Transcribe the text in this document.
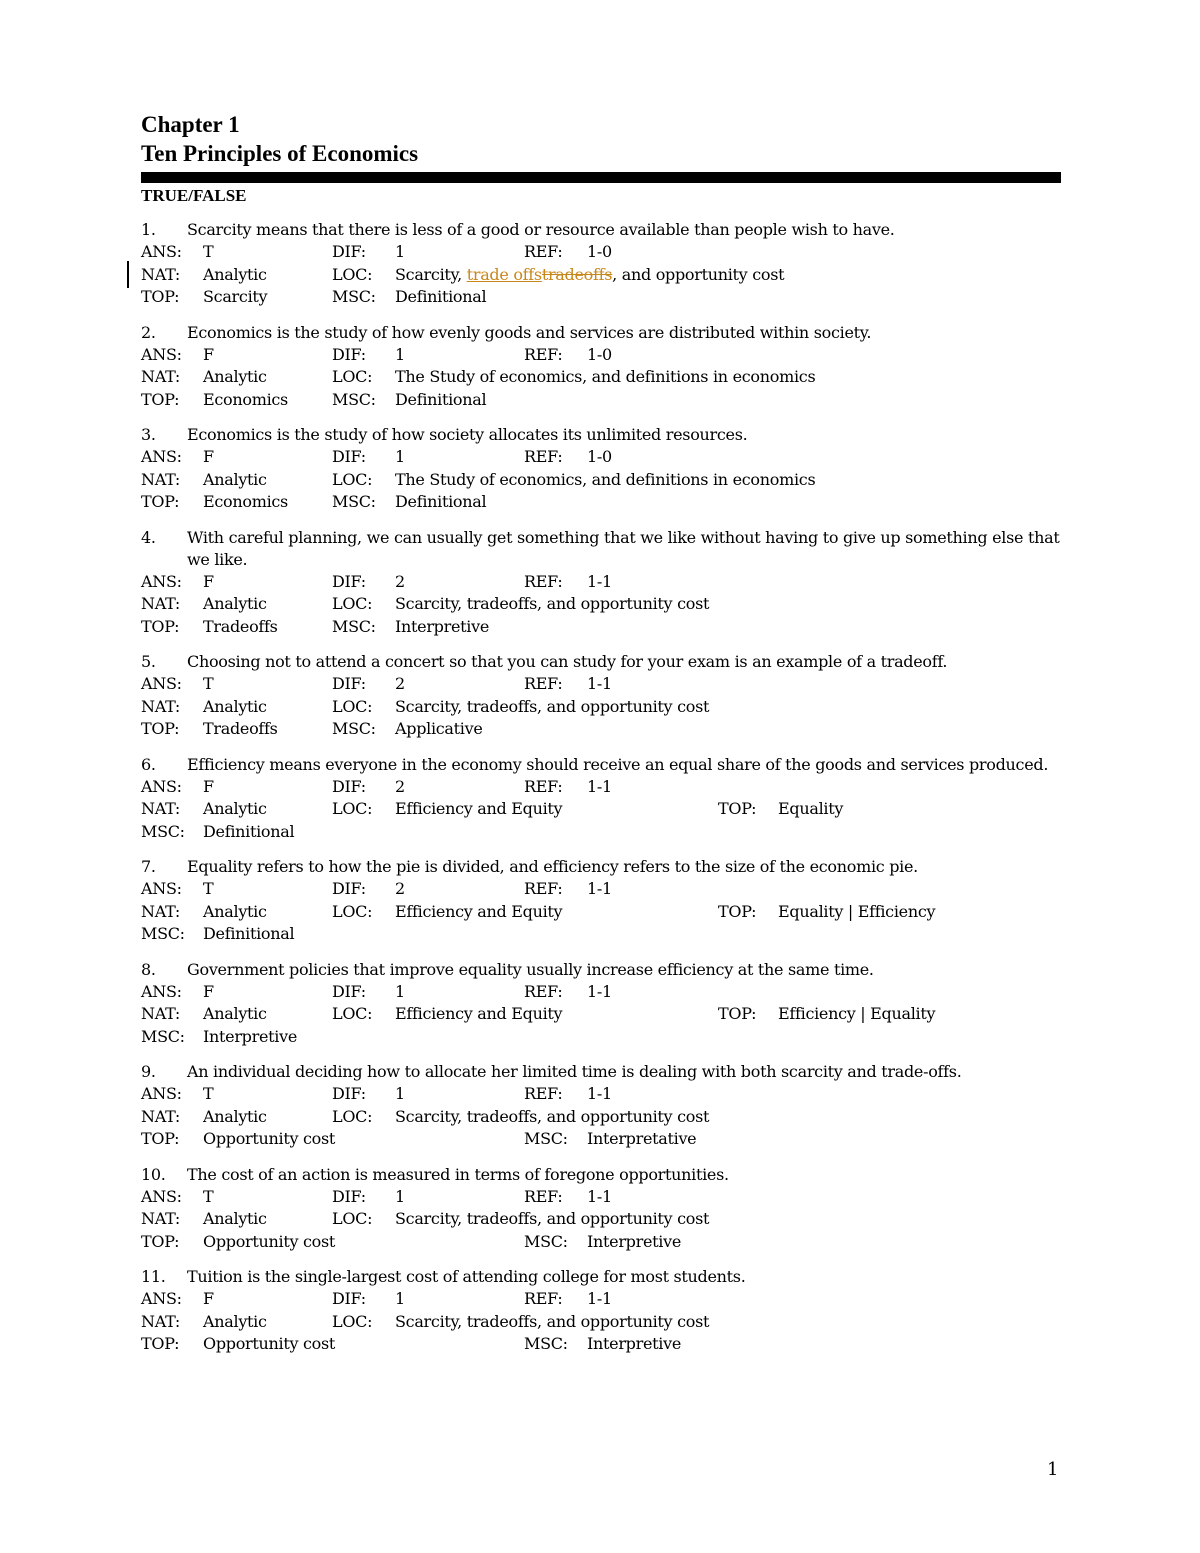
Chapter 1
Ten Principles of Economics
TRUE/FALSE
1.	Scarcity means that there is less of a good or resource available than people wish to have.
ANS: T	DIF: 1	REF: 1-0
NAT: Analytic	LOC: Scarcity, trade offstradeoffs, and opportunity cost
TOP: Scarcity	MSC: Definitional
2.	Economics is the study of how evenly goods and services are distributed within society.
ANS: F	DIF: 1	REF: 1-0
NAT: Analytic	LOC: The Study of economics, and definitions in economics
TOP: Economics	MSC: Definitional
3.	Economics is the study of how society allocates its unlimited resources.
ANS: F	DIF: 1	REF: 1-0
NAT: Analytic	LOC: The Study of economics, and definitions in economics
TOP: Economics	MSC: Definitional
4.	With careful planning, we can usually get something that we like without having to give up something else that we like.
ANS: F	DIF: 2	REF: 1-1
NAT: Analytic	LOC: Scarcity, tradeoffs, and opportunity cost
TOP: Tradeoffs	MSC: Interpretive
5.	Choosing not to attend a concert so that you can study for your exam is an example of a tradeoff.
ANS: T	DIF: 2	REF: 1-1
NAT: Analytic	LOC: Scarcity, tradeoffs, and opportunity cost
TOP: Tradeoffs	MSC: Applicative
6.	Efficiency means everyone in the economy should receive an equal share of the goods and services produced.
ANS: F	DIF: 2	REF: 1-1
NAT: Analytic	LOC: Efficiency and Equity	TOP: Equality
MSC: Definitional
7.	Equality refers to how the pie is divided, and efficiency refers to the size of the economic pie.
ANS: T	DIF: 2	REF: 1-1
NAT: Analytic	LOC: Efficiency and Equity	TOP: Equality | Efficiency
MSC: Definitional
8.	Government policies that improve equality usually increase efficiency at the same time.
ANS: F	DIF: 1	REF: 1-1
NAT: Analytic	LOC: Efficiency and Equity	TOP: Efficiency | Equality
MSC: Interpretive
9.	An individual deciding how to allocate her limited time is dealing with both scarcity and trade-offs.
ANS: T	DIF: 1	REF: 1-1
NAT: Analytic	LOC: Scarcity, tradeoffs, and opportunity cost
TOP: Opportunity cost	MSC: Interpretative
10.	The cost of an action is measured in terms of foregone opportunities.
ANS: T	DIF: 1	REF: 1-1
NAT: Analytic	LOC: Scarcity, tradeoffs, and opportunity cost
TOP: Opportunity cost	MSC: Interpretive
11.	Tuition is the single-largest cost of attending college for most students.
ANS: F	DIF: 1	REF: 1-1
NAT: Analytic	LOC: Scarcity, tradeoffs, and opportunity cost
TOP: Opportunity cost	MSC: Interpretive
1
